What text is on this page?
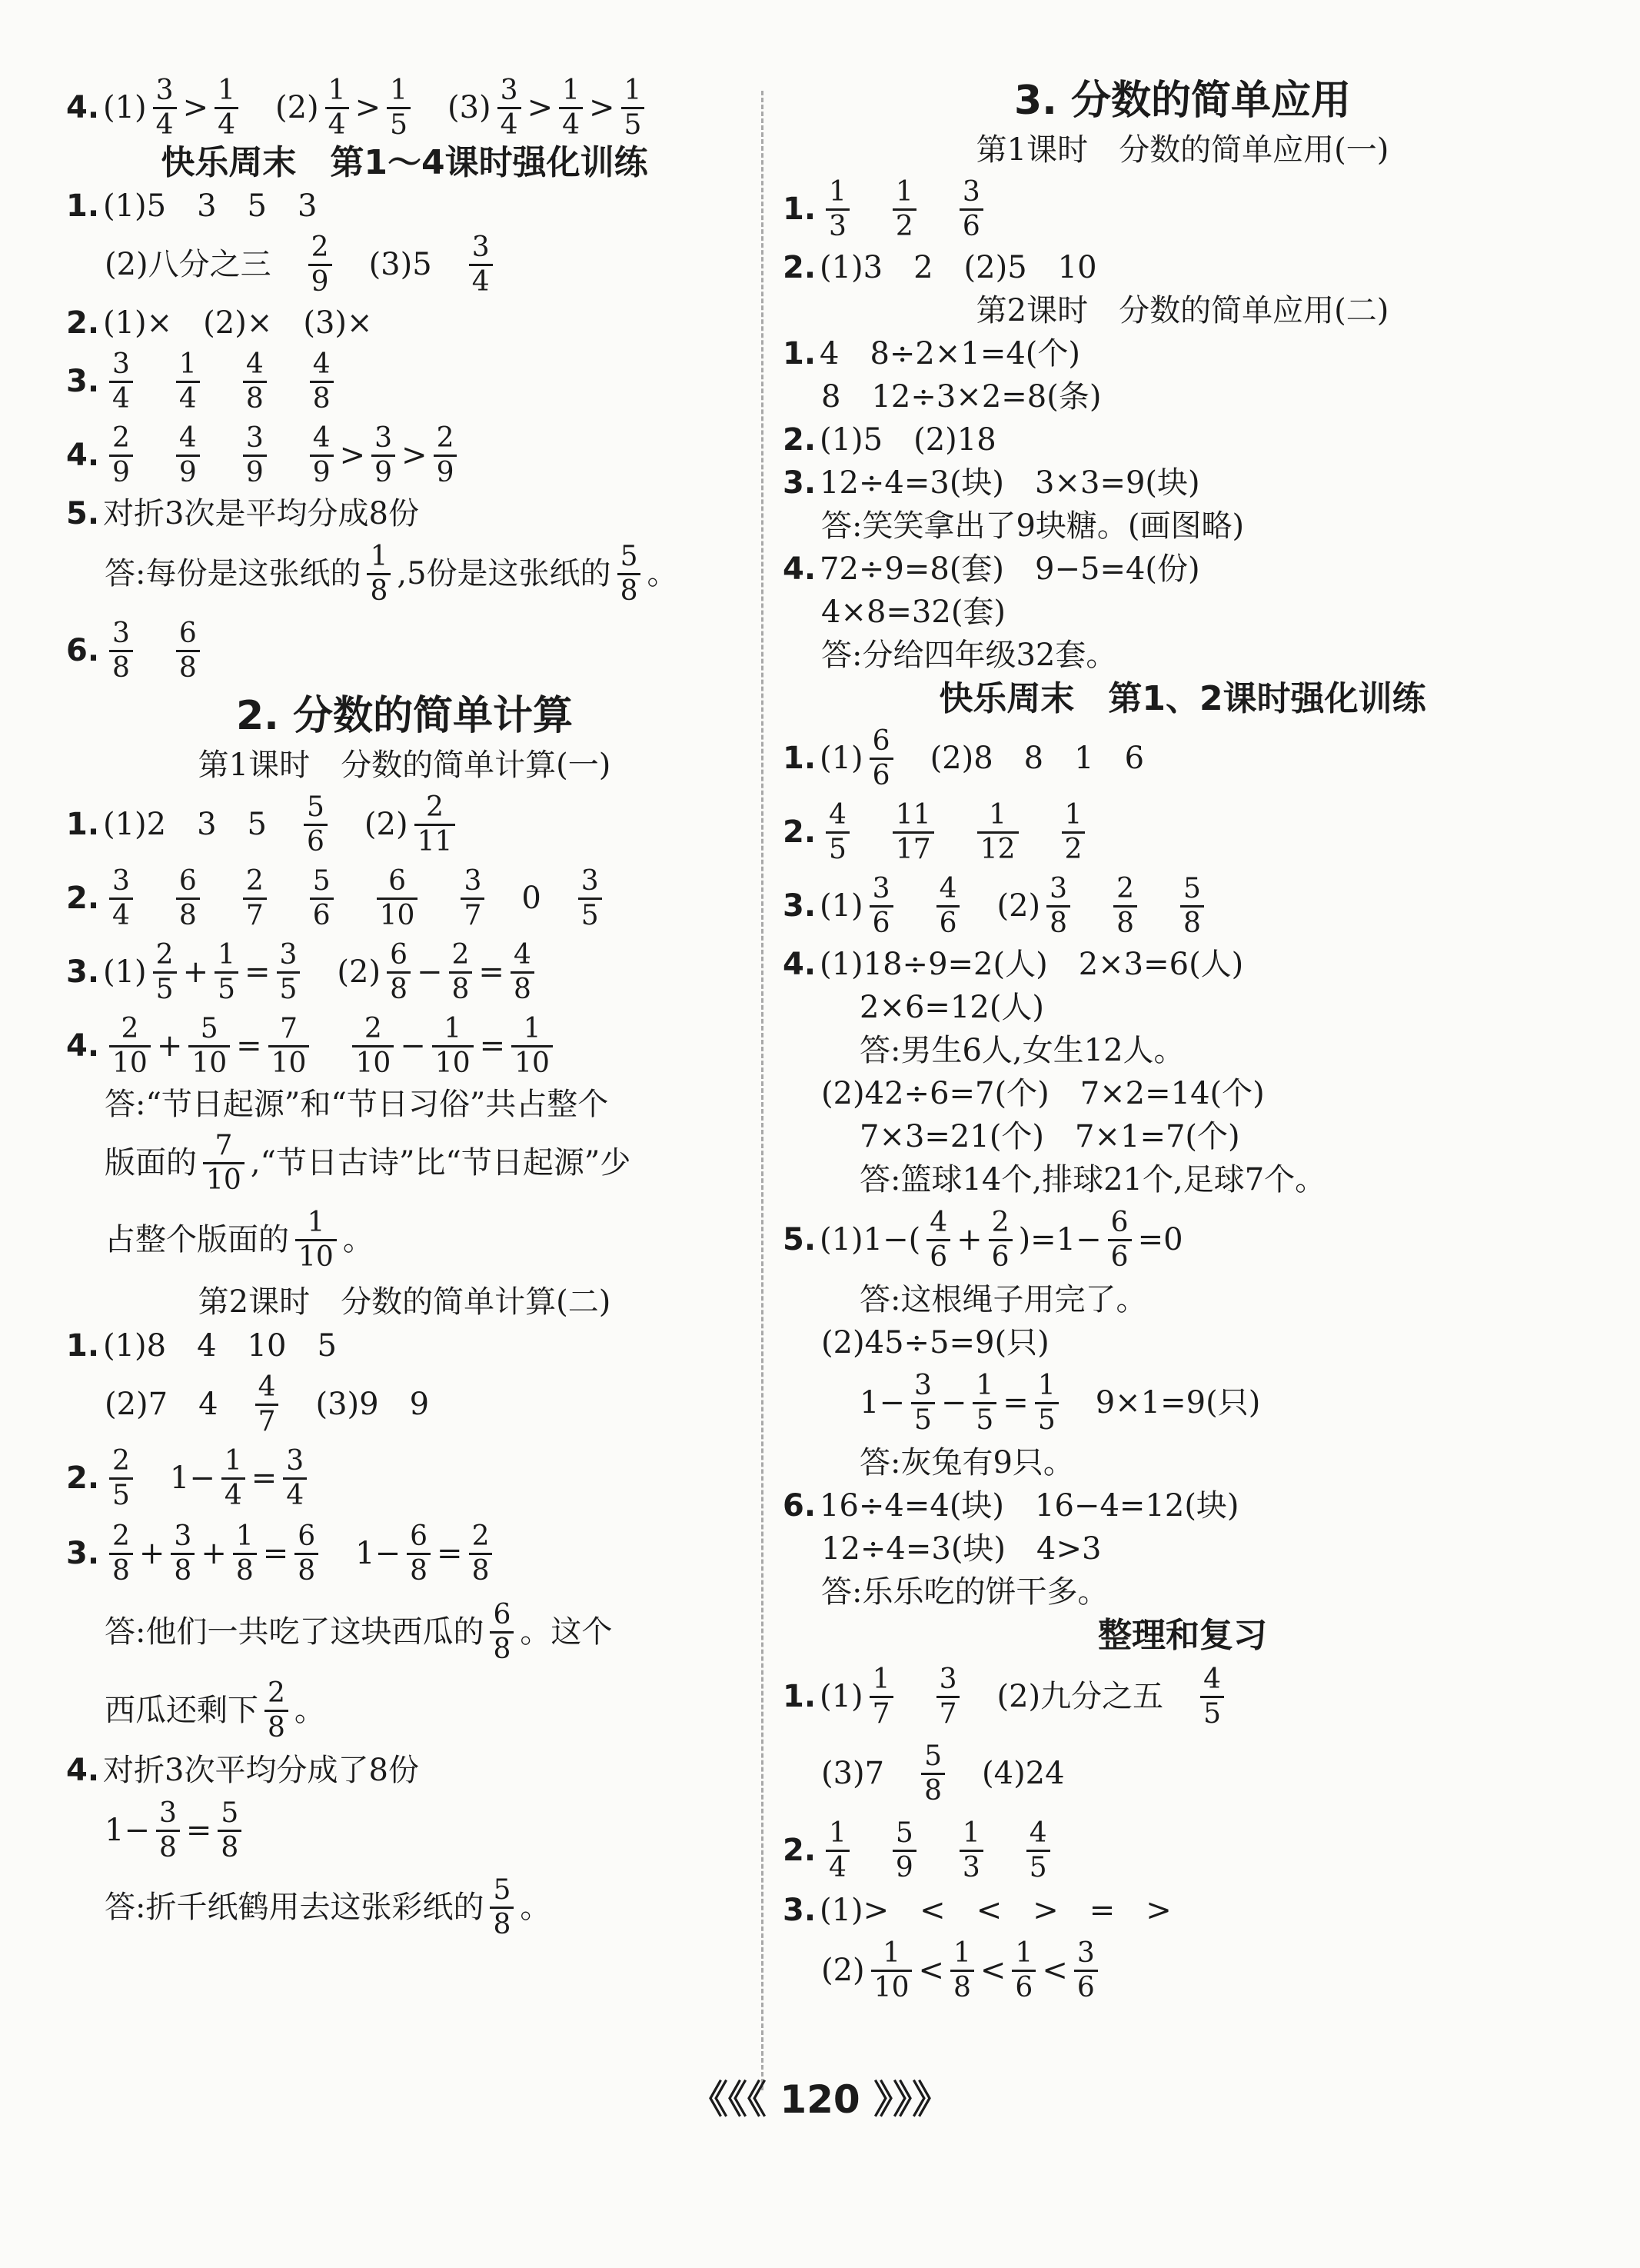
4. $(1) \frac{3}{4} > \frac{1}{4}$ 　$(2) \frac{1}{4} > \frac{1}{5}$ 　$(3) \frac{3}{4} > \frac{1}{4} > \frac{1}{5}$
快乐周末　第1～4课时强化训练
1. (1)5　3　5　3
(2)八分之三　 $\frac{2}{9}$ 　(3)5　 $\frac{3}{4}$
2. (1)×　(2)×　(3)×
3. $\frac{3}{4}$
　 $\frac{1}{4}$
　 $\frac{4}{8}$
　 $\frac{4}{8}$
4. $\frac{2}{9}$
　 $\frac{4}{9}$
　 $\frac{3}{9}$
　 $\frac{4}{9} > \frac{3}{9} > \frac{2}{9}$
5. 对折3次是平均分成8份
答:每份是这张纸的 $\frac{1}{8} ,5$份是这张纸的 $\frac{5}{8}$ 。
6. $\frac{3}{8}$
　 $\frac{6}{8}$
2. 分数的简单计算
第1课时　分数的简单计算(一)
1. (1)2　3　5　 $\frac{5}{6}$ 　$(2) \frac{2}{11}$
2. $\frac{3}{4}$
　 $\frac{6}{8}$
　 $\frac{2}{7}$
　 $\frac{5}{6}$
　 $\frac{6}{10}$
　 $\frac{3}{7}$ 　0　 $\frac{3}{5}$
3. $(1) \frac{2}{5} + \frac{1}{5} = \frac{3}{5}$ 　$(2) \frac{6}{8} - \frac{2}{8} = \frac{4}{8}$
4. $\frac{2}{10} + \frac{5}{10} = \frac{7}{10}$
　 $\frac{2}{10} - \frac{1}{10} = \frac{1}{10}$
答:“节日起源”和“节日习俗”共占整个
版面的 $\frac{7}{10}$ ,“节日古诗”比“节日起源”少
占整个版面的 $\frac{1}{10}$ 。
第2课时　分数的简单计算(二)
1. (1)8　4　10　5
(2)7　4　 $\frac{4}{7}$ 　(3)9　9
2. $\frac{2}{5}$ 　$1- \frac{1}{4} = \frac{3}{4}$
3. $\frac{2}{8} + \frac{3}{8} + \frac{1}{8} = \frac{6}{8}$ 　$1- \frac{6}{8} = \frac{2}{8}$
答:他们一共吃了这块西瓜的 $\frac{6}{8}$ 。这个
西瓜还剩下 $\frac{2}{8}$ 。
4. 对折3次平均分成了8份
$1- \frac{3}{8} = \frac{5}{8}$
答:折千纸鹤用去这张彩纸的 $\frac{5}{8}$ 。
3. 分数的简单应用
第1课时　分数的简单应用(一)
1. $\frac{1}{3}$
　 $\frac{1}{2}$
　 $\frac{3}{6}$
2. (1)3　2　(2)5　10
第2课时　分数的简单应用(二)
1. 4　8÷2×1=4(个)
8　12÷3×2=8(条)
2. (1)5　(2)18
3. 12÷4=3(块)　3×3=9(块)
答:笑笑拿出了9块糖。(画图略)
4. 72÷9=8(套)　9−5=4(份)
4×8=32(套)
答:分给四年级32套。
快乐周末　第1、2课时强化训练
1. $(1) \frac{6}{6}$ 　(2)8　8　1　6
2. $\frac{4}{5}$
　 $\frac{11}{17}$
　 $\frac{1}{12}$
　 $\frac{1}{2}$
3. $(1) \frac{3}{6}$
　 $\frac{4}{6}$ 　$(2) \frac{3}{8}$
　 $\frac{2}{8}$
　 $\frac{5}{8}$
4. (1)18÷9=2(人)　2×3=6(人)
2×6=12(人)
答:男生6人,女生12人。
(2)42÷6=7(个)　7×2=14(个)
7×3=21(个)　7×1=7(个)
答:篮球14个,排球21个,足球7个。
5. $(1)1-( \frac{4}{6} + \frac{2}{6} )=1- \frac{6}{6} =0$
答:这根绳子用完了。
(2)45÷5=9(只)
$1- \frac{3}{5} - \frac{1}{5} = \frac{1}{5}$ 　9×1=9(只)
答:灰兔有9只。
6. 16÷4=4(块)　16−4=12(块)
12÷4=3(块)　4>3
答:乐乐吃的饼干多。
整理和复习
1. $(1) \frac{1}{7}$
　 $\frac{3}{7}$ 　(2)九分之五　 $\frac{4}{5}$
(3)7　 $\frac{5}{8}$ 　(4)24
2. $\frac{1}{4}$
　 $\frac{5}{9}$
　 $\frac{1}{3}$
　 $\frac{4}{5}$
3. (1)>　<　<　>　=　>
$(2) \frac{1}{10} < \frac{1}{8} < \frac{1}{6} < \frac{3}{6}$
《《《 120 》》》
